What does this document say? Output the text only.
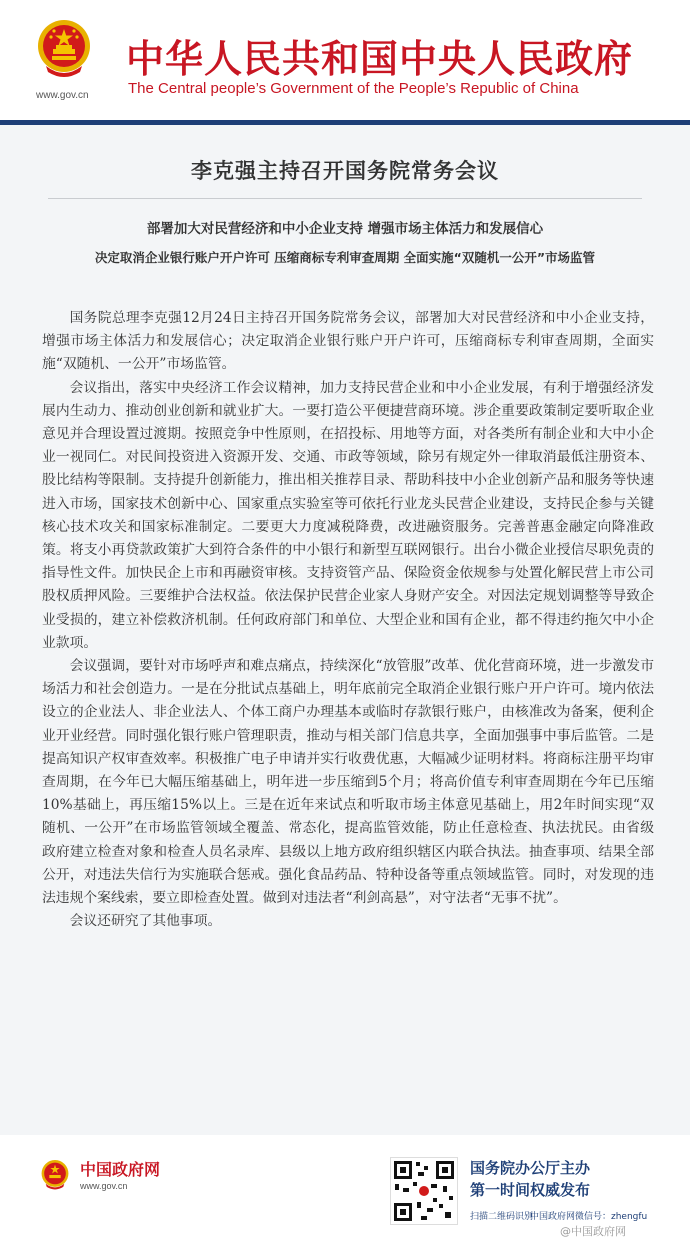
www.gov.cn
中华人民共和国中央人民政府
The Central people’s Government of the People’s Republic of China
李克强主持召开国务院常务会议
部署加大对民营经济和中小企业支持 增强市场主体活力和发展信心
决定取消企业银行账户开户许可 压缩商标专利审查周期 全面实施“双随机一公开”市场监管

国务院总理李克强12月24日主持召开国务院常务会议，部署加大对民营经济和中小企业支持，增强市场主体活力和发展信心；决定取消企业银行账户开户许可，压缩商标专利审查周期，全面实施“双随机、一公开”市场监管。

会议指出，落实中央经济工作会议精神，加力支持民营企业和中小企业发展，有利于增强经济发展内生动力、推动创业创新和就业扩大。一要打造公平便捷营商环境。涉企重要政策制定要听取企业意见并合理设置过渡期。按照竞争中性原则，在招投标、用地等方面，对各类所有制企业和大中小企业一视同仁。对民间投资进入资源开发、交通、市政等领域，除另有规定外一律取消最低注册资本、股比结构等限制。支持提升创新能力，推出相关推荐目录、帮助科技中小企业创新产品和服务等快速进入市场，国家技术创新中心、国家重点实验室等可依托行业龙头民营企业建设，支持民企参与关键核心技术攻关和国家标准制定。二要更大力度减税降费，改进融资服务。完善普惠金融定向降准政策。将支小再贷款政策扩大到符合条件的中小银行和新型互联网银行。出台小微企业授信尽职免责的指导性文件。加快民企上市和再融资审核。支持资管产品、保险资金依规参与处置化解民营上市公司股权质押风险。三要维护合法权益。依法保护民营企业家人身财产安全。对因法定规划调整等导致企业受损的，建立补偿救济机制。任何政府部门和单位、大型企业和国有企业，都不得违约拖欠中小企业款项。

会议强调，要针对市场呼声和难点痛点，持续深化“放管服”改革、优化营商环境，进一步激发市场活力和社会创造力。一是在分批试点基础上，明年底前完全取消企业银行账户开户许可。境内依法设立的企业法人、非企业法人、个体工商户办理基本或临时存款银行账户，由核准改为备案，便利企业开业经营。同时强化银行账户管理职责，推动与相关部门信息共享，全面加强事中事后监管。二是提高知识产权审查效率。积极推广电子申请并实行收费优惠，大幅减少证明材料。将商标注册平均审查周期，在今年已大幅压缩基础上，明年进一步压缩到5个月；将高价值专利审查周期在今年已压缩10%基础上，再压缩15%以上。三是在近年来试点和听取市场主体意见基础上，用2年时间实现“双随机、一公开”在市场监管领域全覆盖、常态化，提高监管效能，防止任意检查、执法扰民。由省级政府建立检查对象和检查人员名录库、县级以上地方政府组织辖区内联合执法。抽查事项、结果全部公开，对违法失信行为实施联合惩戒。强化食品药品、特种设备等重点领域监管。同时，对发现的违法违规个案线索，要立即检查处置。做到对违法者“利剑高悬”，对守法者“无事不扰”。

会议还研究了其他事项。

中国政府网
www.gov.cn
国务院办公厅主办
第一时间权威发布
扫描二维码识别
中国政府网微信号：zhengfu
@中国政府网
